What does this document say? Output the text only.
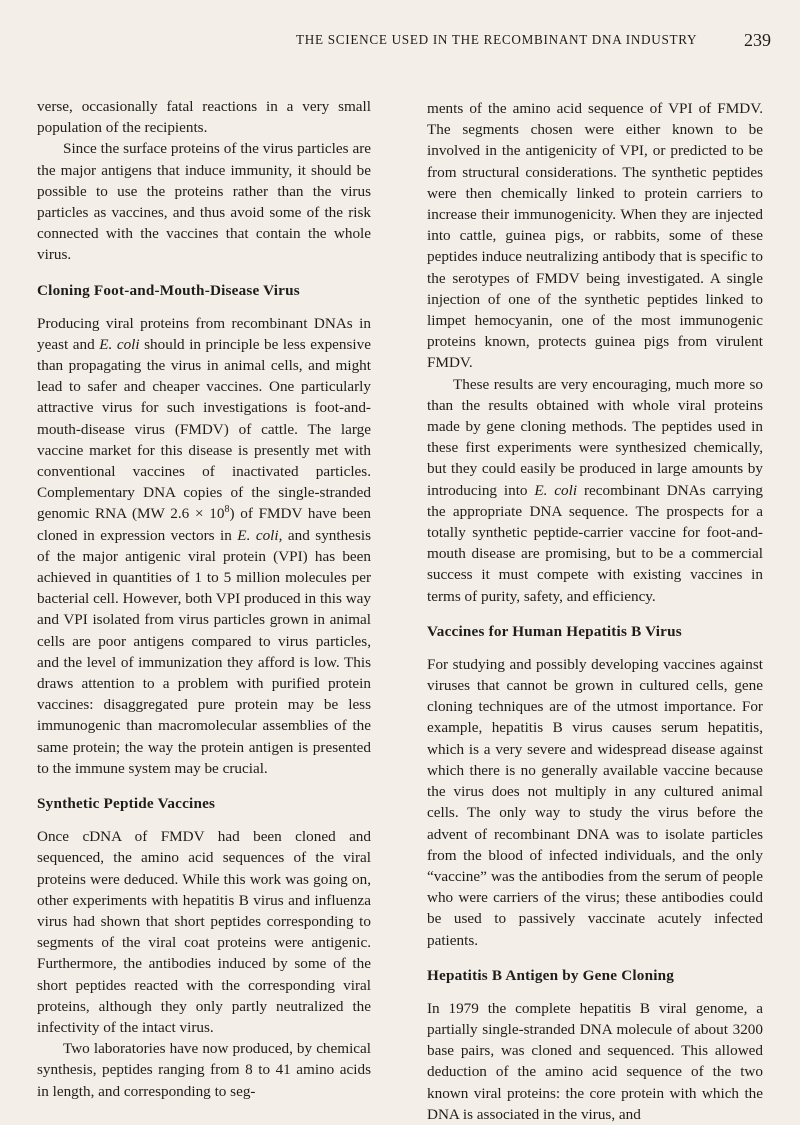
THE SCIENCE USED IN THE RECOMBINANT DNA INDUSTRY	239

verse, occasionally fatal reactions in a very small population of the recipients.

Since the surface proteins of the virus particles are the major antigens that induce immunity, it should be possible to use the proteins rather than the virus particles as vaccines, and thus avoid some of the risk connected with the vaccines that contain the whole virus.

Cloning Foot-and-Mouth-Disease Virus

Producing viral proteins from recombinant DNAs in yeast and E. coli should in principle be less expensive than propagating the virus in animal cells, and might lead to safer and cheaper vaccines. One particularly attractive virus for such investigations is foot-and-mouth-disease virus (FMDV) of cattle. The large vaccine market for this disease is presently met with conventional vaccines of inactivated particles. Complementary DNA copies of the single-stranded genomic RNA (MW $2.6 \times 10^8$) of FMDV have been cloned in expression vectors in E. coli, and synthesis of the major antigenic viral protein (VPI) has been achieved in quantities of 1 to 5 million molecules per bacterial cell. However, both VPI produced in this way and VPI isolated from virus particles grown in animal cells are poor antigens compared to virus particles, and the level of immunization they afford is low. This draws attention to a problem with purified protein vaccines: disaggregated pure protein may be less immunogenic than macromolecular assemblies of the same protein; the way the protein antigen is presented to the immune system may be crucial.

Synthetic Peptide Vaccines

Once cDNA of FMDV had been cloned and sequenced, the amino acid sequences of the viral proteins were deduced. While this work was going on, other experiments with hepatitis B virus and influenza virus had shown that short peptides corresponding to segments of the viral coat proteins were antigenic. Furthermore, the antibodies induced by some of the short peptides reacted with the corresponding viral proteins, although they only partly neutralized the infectivity of the intact virus.

Two laboratories have now produced, by chemical synthesis, peptides ranging from 8 to 41 amino acids in length, and corresponding to seg-

ments of the amino acid sequence of VPI of FMDV. The segments chosen were either known to be involved in the antigenicity of VPI, or predicted to be from structural considerations. The synthetic peptides were then chemically linked to protein carriers to increase their immunogenicity. When they are injected into cattle, guinea pigs, or rabbits, some of these peptides induce neutralizing antibody that is specific to the serotypes of FMDV being investigated. A single injection of one of the synthetic peptides linked to limpet hemocyanin, one of the most immunogenic proteins known, protects guinea pigs from virulent FMDV.

These results are very encouraging, much more so than the results obtained with whole viral proteins made by gene cloning methods. The peptides used in these first experiments were synthesized chemically, but they could easily be produced in large amounts by introducing into E. coli recombinant DNAs carrying the appropriate DNA sequence. The prospects for a totally synthetic peptide-carrier vaccine for foot-and-mouth disease are promising, but to be a commercial success it must compete with existing vaccines in terms of purity, safety, and efficiency.

Vaccines for Human Hepatitis B Virus

For studying and possibly developing vaccines against viruses that cannot be grown in cultured cells, gene cloning techniques are of the utmost importance. For example, hepatitis B virus causes serum hepatitis, which is a very severe and widespread disease against which there is no generally available vaccine because the virus does not multiply in any cultured animal cells. The only way to study the virus before the advent of recombinant DNA was to isolate particles from the blood of infected individuals, and the only “vaccine” was the antibodies from the serum of people who were carriers of the virus; these antibodies could be used to passively vaccinate acutely infected patients.

Hepatitis B Antigen by Gene Cloning

In 1979 the complete hepatitis B viral genome, a partially single-stranded DNA molecule of about 3200 base pairs, was cloned and sequenced. This allowed deduction of the amino acid sequence of the two known viral proteins: the core protein with which the DNA is associated in the virus, and
